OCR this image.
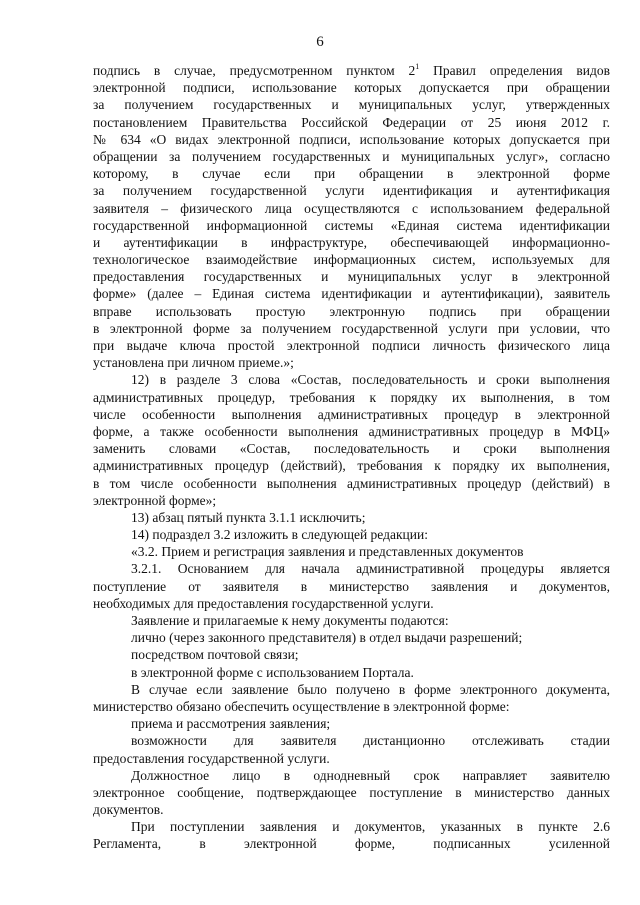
6
подпись в случае, предусмотренном пунктом $2^1$ Правил определения видов
электронной подписи, использование которых допускается при обращении
за получением государственных и муниципальных услуг, утвержденных
постановлением Правительства Российской Федерации от 25 июня 2012 г.
№ 634 «О видах электронной подписи, использование которых допускается при
обращении за получением государственных и муниципальных услуг», согласно
которому, в случае если при обращении в электронной форме
за получением государственной услуги идентификация и аутентификация
заявителя – физического лица осуществляются с использованием федеральной
государственной информационной системы «Единая система идентификации
и аутентификации в инфраструктуре, обеспечивающей информационно-
технологическое взаимодействие информационных систем, используемых для
предоставления государственных и муниципальных услуг в электронной
форме» (далее – Единая система идентификации и аутентификации), заявитель
вправе использовать простую электронную подпись при обращении
в электронной форме за получением государственной услуги при условии, что
при выдаче ключа простой электронной подписи личность физического лица
установлена при личном приеме.»;
12) в разделе 3 слова «Состав, последовательность и сроки выполнения
административных процедур, требования к порядку их выполнения, в том
числе особенности выполнения административных процедур в электронной
форме, а также особенности выполнения административных процедур в МФЦ»
заменить словами «Состав, последовательность и сроки выполнения
административных процедур (действий), требования к порядку их выполнения,
в том числе особенности выполнения административных процедур (действий) в
электронной форме»;
13) абзац пятый пункта 3.1.1 исключить;
14) подраздел 3.2 изложить в следующей редакции:
«3.2. Прием и регистрация заявления и представленных документов
3.2.1. Основанием для начала административной процедуры является
поступление от заявителя в министерство заявления и документов,
необходимых для предоставления государственной услуги.
Заявление и прилагаемые к нему документы подаются:
лично (через законного представителя) в отдел выдачи разрешений;
посредством почтовой связи;
в электронной форме с использованием Портала.
В случае если заявление было получено в форме электронного документа,
министерство обязано обеспечить осуществление в электронной форме:
приема и рассмотрения заявления;
возможности для заявителя дистанционно отслеживать стадии
предоставления государственной услуги.
Должностное лицо в однодневный срок направляет заявителю
электронное сообщение, подтверждающее поступление в министерство данных
документов.
При поступлении заявления и документов, указанных в пункте 2.6
Регламента, в электронной форме, подписанных усиленной
